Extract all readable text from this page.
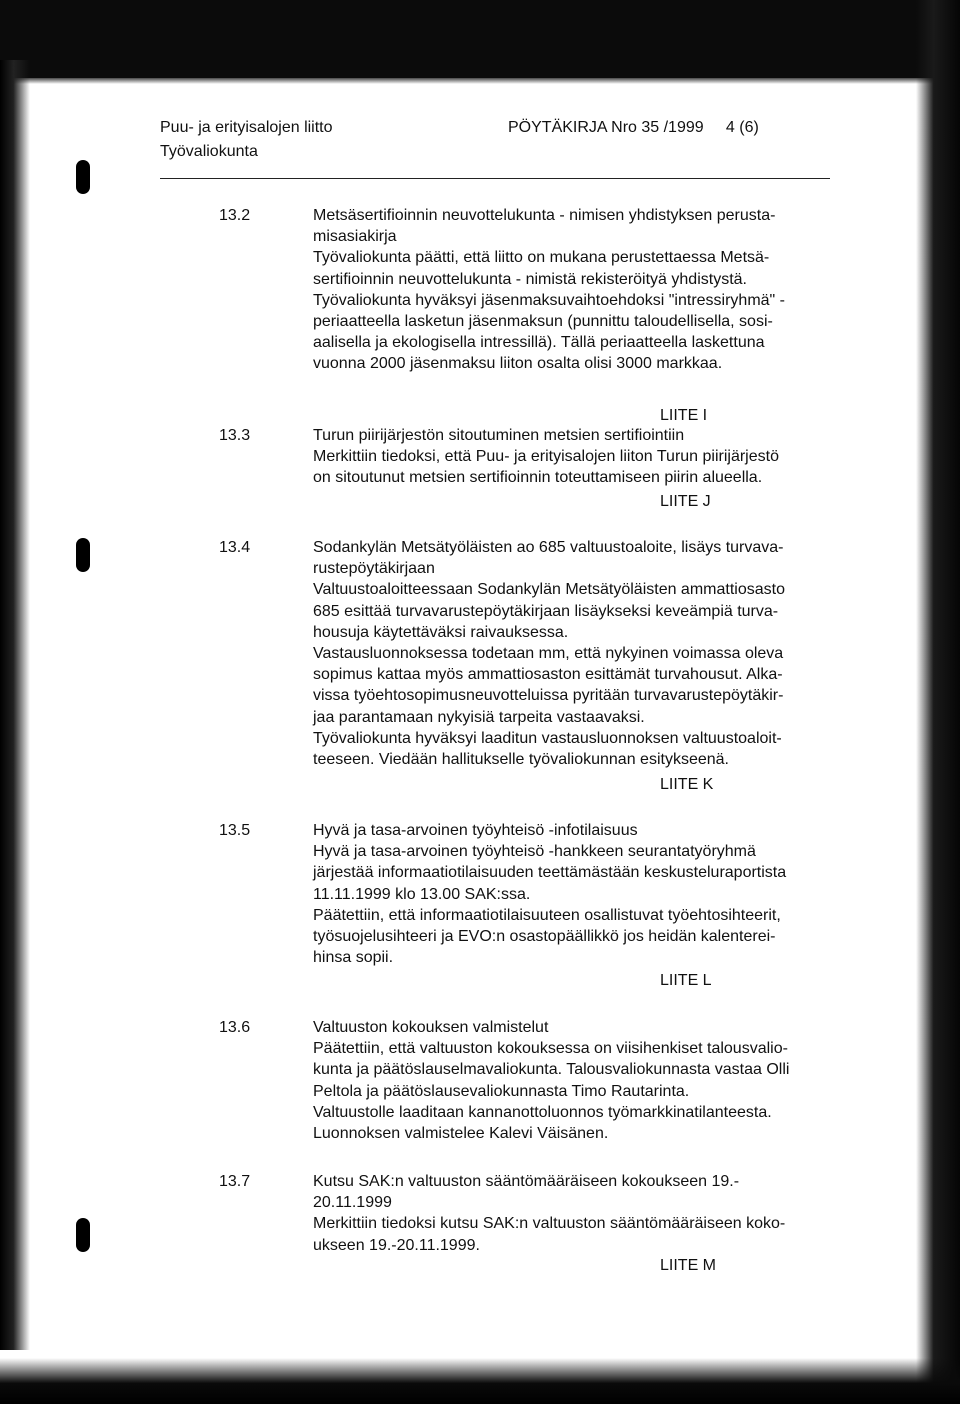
Puu- ja erityisalojen liitto
Työvaliokunta
PÖYTÄKIRJA Nro 35 /1999 4 (6)
13.2	Metsäsertifioinnin neuvottelukunta - nimisen yhdistyksen perusta-

misasiakirja

Työvaliokunta päätti, että liitto on mukana perustettaessa Metsä-

sertifioinnin neuvottelukunta - nimistä rekisteröityä yhdistystä.

Työvaliokunta hyväksyi jäsenmaksuvaihtoehdoksi "intressiryhmä" -

periaatteella lasketun jäsenmaksun (punnittu taloudellisella, sosi-

aalisella ja ekologisella intressillä). Tällä periaatteella laskettuna

vuonna 2000 jäsenmaksu liiton osalta olisi 3000 markkaa.

LIITE I
13.3	Turun piirijärjestön sitoutuminen metsien sertifiointiin

Merkittiin tiedoksi, että Puu- ja erityisalojen liiton Turun piirijärjestö

on sitoutunut metsien sertifioinnin toteuttamiseen piirin alueella.

LIITE J
13.4	Sodankylän Metsätyöläisten ao 685 valtuustoaloite, lisäys turvava-

rustepöytäkirjaan

Valtuustoaloitteessaan Sodankylän Metsätyöläisten ammattiosasto

685 esittää turvavarustepöytäkirjaan lisäykseksi keveämpiä turva-

housuja käytettäväksi raivauksessa.

Vastausluonnoksessa todetaan mm, että nykyinen voimassa oleva

sopimus kattaa myös ammattiosaston esittämät turvahousut. Alka-

vissa työehtosopimusneuvotteluissa pyritään turvavarustepöytäkir-

jaa parantamaan nykyisiä tarpeita vastaavaksi.

Työvaliokunta hyväksyi laaditun vastausluonnoksen valtuustoaloit-

teeseen. Viedään hallitukselle työvaliokunnan esitykseenä.

LIITE K
13.5	Hyvä ja tasa-arvoinen työyhteisö -infotilaisuus

Hyvä ja tasa-arvoinen työyhteisö -hankkeen seurantatyöryhmä

järjestää informaatiotilaisuuden teettämästään keskusteluraportista

11.11.1999 klo 13.00 SAK:ssa.

Päätettiin, että informaatiotilaisuuteen osallistuvat työehtosihteerit,

työsuojelusihteeri ja EVO:n osastopäällikkö jos heidän kalenterei-

hinsa sopii.

LIITE L
13.6	Valtuuston kokouksen valmistelut

Päätettiin, että valtuuston kokouksessa on viisihenkiset talousvalio-

kunta ja päätöslauselmavaliokunta. Talousvaliokunnasta vastaa Olli

Peltola ja päätöslausevaliokunnasta Timo Rautarinta.

Valtuustolle laaditaan kannanottoluonnos työmarkkinatilanteesta.

Luonnoksen valmistelee Kalevi Väisänen.

13.7	Kutsu SAK:n valtuuston sääntömääräiseen kokoukseen 19.-

20.11.1999

Merkittiin tiedoksi kutsu SAK:n valtuuston sääntömääräiseen koko-

ukseen 19.-20.11.1999.

LIITE M
